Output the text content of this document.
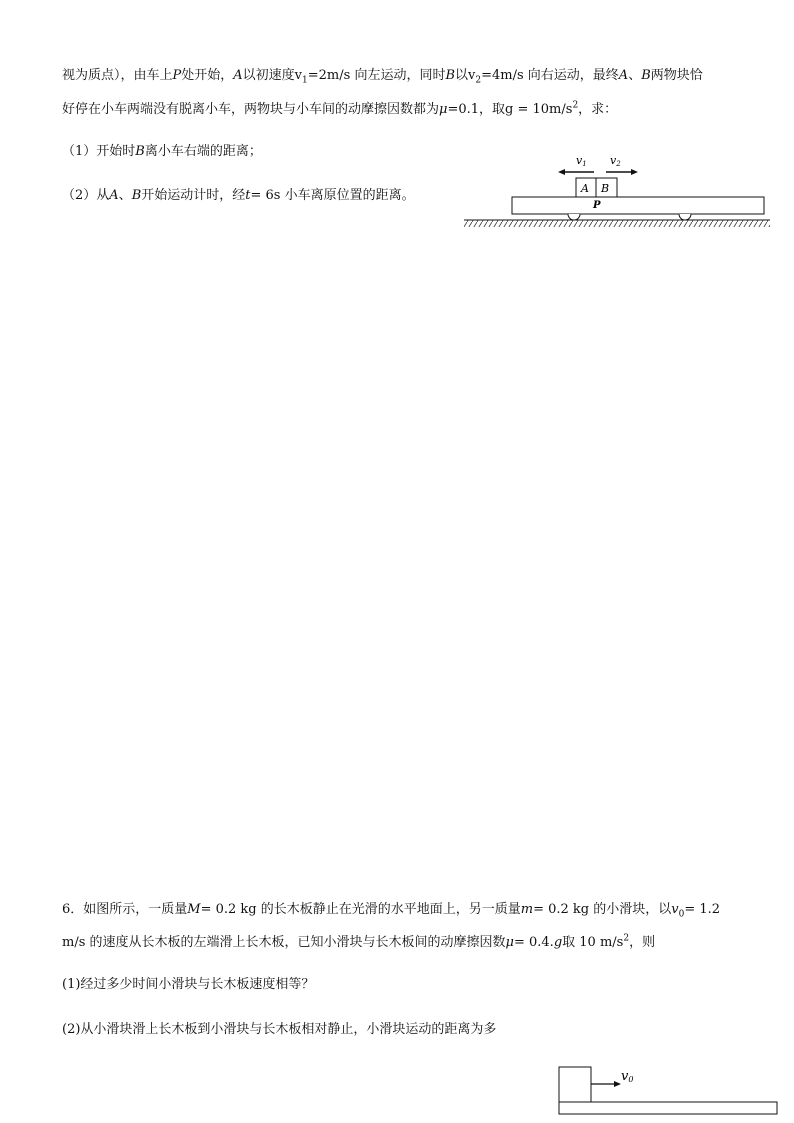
视为质点），由车上P处开始，A以初速度$v_1=2m/s$ 向左运动，同时B以$v_2=4m/s$ 向右运动，最终A、B两物块恰
好停在小车两端没有脱离小车，两物块与小车间的动摩擦因数都为μ=0.1，取$g = 10m/s^2$，求：
（1）开始时B离小车右端的距离；
（2）从A、B开始运动计时，经t= 6s 小车离原位置的距离。
v1 v2
A B
P
6．如图所示，一质量M= 0.2 kg 的长木板静止在光滑的水平地面上，另一质量m= 0.2 kg 的小滑块，以$v_0= 1.2$
m/s 的速度从长木板的左端滑上长木板，已知小滑块与长木板间的动摩擦因数μ= 0.4.g取 10 $m/s^2$，则
(1)经过多少时间小滑块与长木板速度相等？
(2)从小滑块滑上长木板到小滑块与长木板相对静止，小滑块运动的距离为多
v0
